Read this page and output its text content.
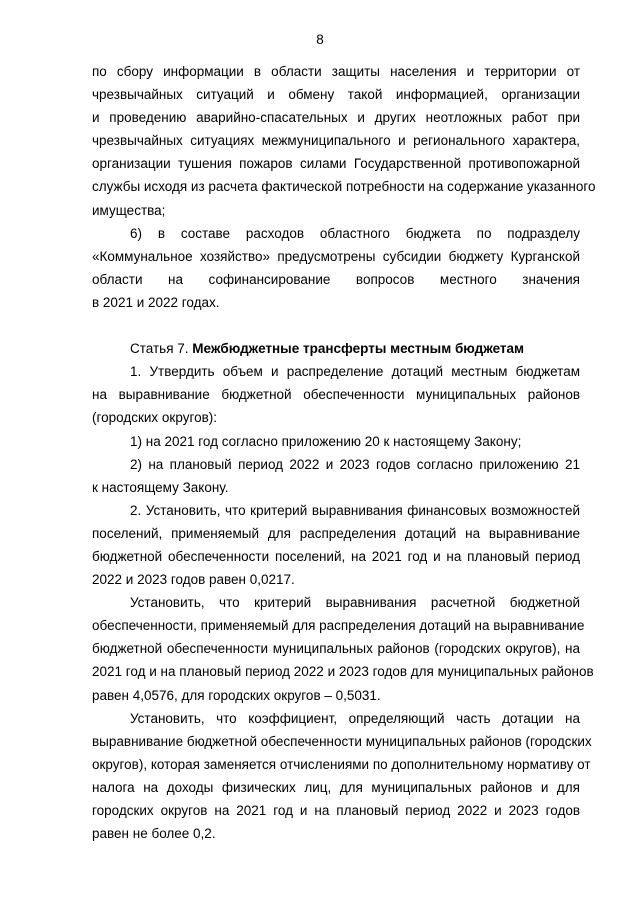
8
по сбору информации в области защиты населения и территории от
чрезвычайных ситуаций и обмену такой информацией, организации
и проведению аварийно-спасательных и других неотложных работ при
чрезвычайных ситуациях межмуниципального и регионального характера,
организации тушения пожаров силами Государственной противопожарной
службы исходя из расчета фактической потребности на содержание указанного
имущества;
6) в составе расходов областного бюджета по подразделу
«Коммунальное хозяйство» предусмотрены субсидии бюджету Курганской
области на софинансирование вопросов местного значения
в 2021 и 2022 годах.
Статья 7. Межбюджетные трансферты местным бюджетам
1. Утвердить объем и распределение дотаций местным бюджетам
на выравнивание бюджетной обеспеченности муниципальных районов
(городских округов):
1) на 2021 год согласно приложению 20 к настоящему Закону;
2) на плановый период 2022 и 2023 годов согласно приложению 21
к настоящему Закону.
2. Установить, что критерий выравнивания финансовых возможностей
поселений, применяемый для распределения дотаций на выравнивание
бюджетной обеспеченности поселений, на 2021 год и на плановый период
2022 и 2023 годов равен 0,0217.
Установить, что критерий выравнивания расчетной бюджетной
обеспеченности, применяемый для распределения дотаций на выравнивание
бюджетной обеспеченности муниципальных районов (городских округов), на
2021 год и на плановый период 2022 и 2023 годов для муниципальных районов
равен 4,0576, для городских округов – 0,5031.
Установить, что коэффициент, определяющий часть дотации на
выравнивание бюджетной обеспеченности муниципальных районов (городских
округов), которая заменяется отчислениями по дополнительному нормативу от
налога на доходы физических лиц, для муниципальных районов и для
городских округов на 2021 год и на плановый период 2022 и 2023 годов
равен не более 0,2.
